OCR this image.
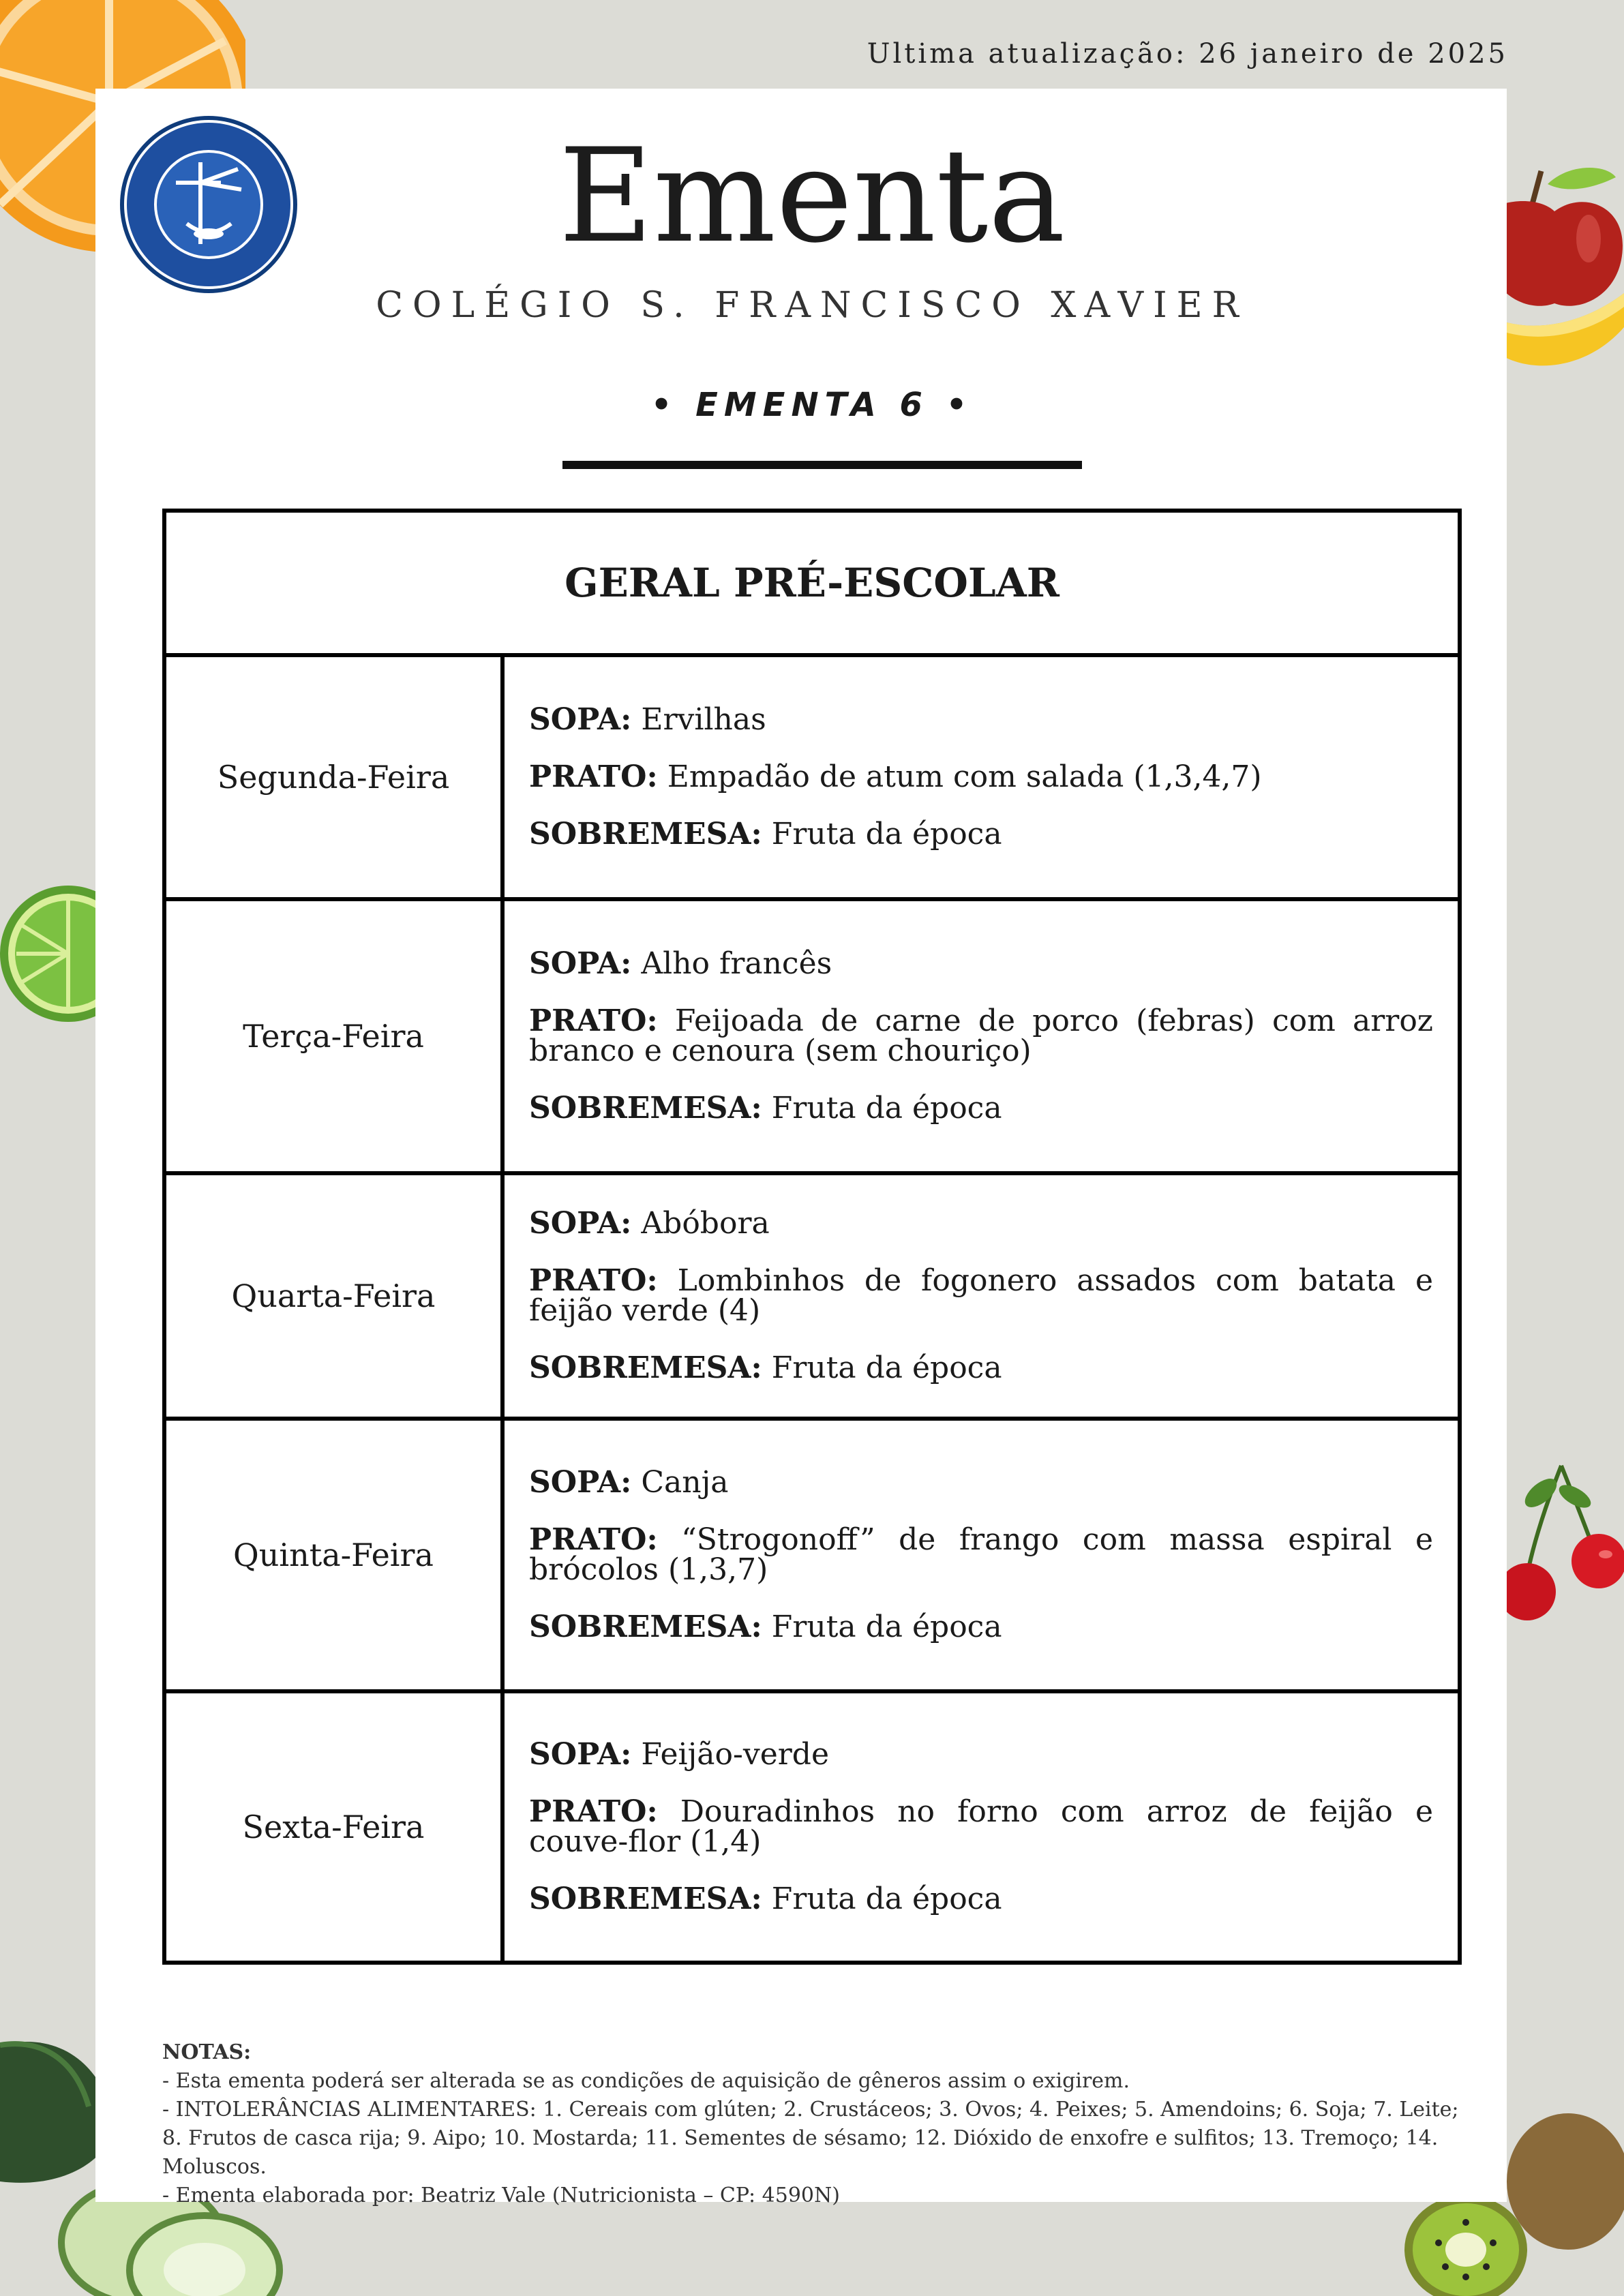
Ultima atualização: 26 janeiro de 2025
Ementa
COLÉGIO S. FRANCISCO XAVIER
• EMENTA 6 •
GERAL PRÉ-ESCOLAR
Segunda-Feira

SOPA: Ervilhas

PRATO: Empadão de atum com salada (1,3,4,7)

SOBREMESA: Fruta da época

Terça-Feira

SOPA: Alho francês

PRATO: Feijoada de carne de porco (febras) com arroz branco e cenoura (sem chouriço)

SOBREMESA: Fruta da época

Quarta-Feira

SOPA: Abóbora

PRATO: Lombinhos de fogonero assados com batata e feijão verde (4)

SOBREMESA: Fruta da época

Quinta-Feira

SOPA: Canja

PRATO: “Strogonoff” de frango com massa espiral e brócolos (1,3,7)

SOBREMESA: Fruta da época

Sexta-Feira

SOPA: Feijão-verde

PRATO: Douradinhos no forno com arroz de feijão e couve-flor (1,4)

SOBREMESA: Fruta da época

NOTAS:
- Esta ementa poderá ser alterada se as condições de aquisição de gêneros assim o exigirem.
- INTOLERÂNCIAS ALIMENTARES: 1. Cereais com glúten; 2. Crustáceos; 3. Ovos; 4. Peixes; 5. Amendoins; 6. Soja; 7. Leite; 8. Frutos de casca rija; 9. Aipo; 10. Mostarda; 11. Sementes de sésamo; 12. Dióxido de enxofre e sulfitos; 13. Tremoço; 14. Moluscos.
- Ementa elaborada por: Beatriz Vale (Nutricionista – CP: 4590N)
